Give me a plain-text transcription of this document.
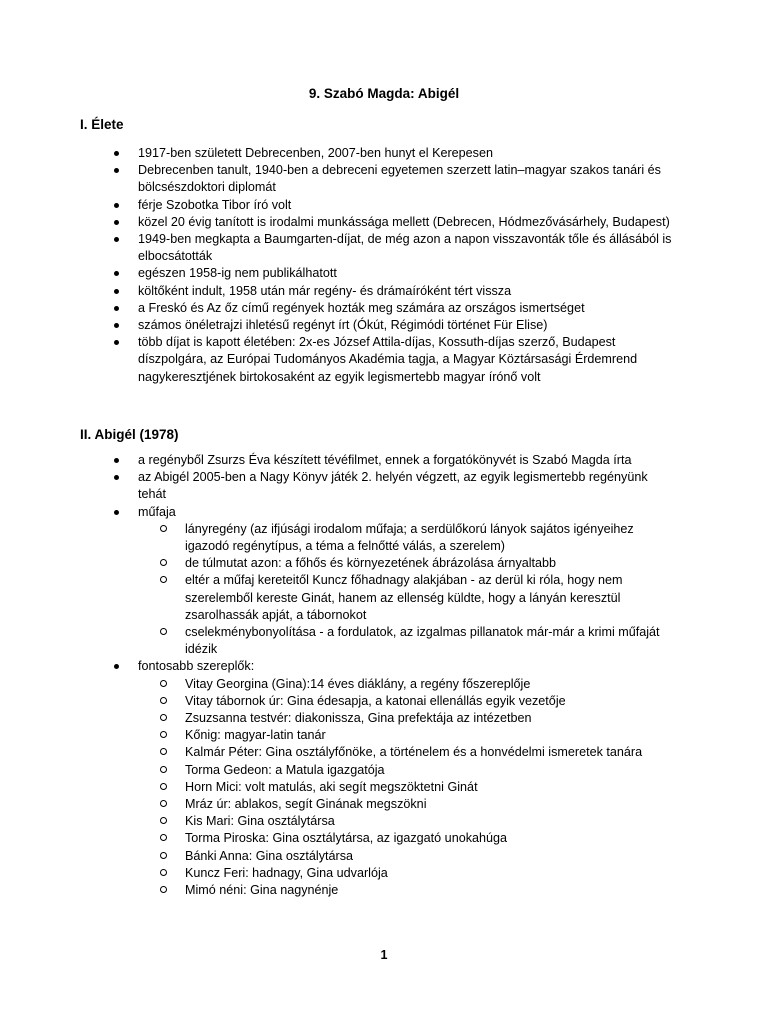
9. Szabó Magda: Abigél
I. Élete
1917-ben született Debrecenben, 2007-ben hunyt el Kerepesen
Debrecenben tanult, 1940-ben a debreceni egyetemen szerzett latin–magyar szakos tanári és bölcsészdoktori diplomát
férje Szobotka Tibor író volt
közel 20 évig tanított is irodalmi munkássága mellett (Debrecen, Hódmezővásárhely, Budapest)
1949-ben megkapta a Baumgarten-díjat, de még azon a napon visszavonták tőle és állásából is elbocsátották
egészen 1958-ig nem publikálhatott
költőként indult, 1958 után már regény- és drámaíróként tért vissza
a Freskó és Az őz című regények hozták meg számára az országos ismertséget
számos önéletrajzi ihletésű regényt írt (Ókút, Régimódi történet Für Elise)
több díjat is kapott életében: 2x-es József Attila-díjas, Kossuth-díjas szerző, Budapest díszpolgára, az Európai Tudományos Akadémia tagja, a Magyar Köztársasági Érdemrend nagykeresztjének birtokosaként az egyik legismertebb magyar írónő volt
II. Abigél (1978)
a regényből Zsurzs Éva készített tévéfilmet, ennek a forgatókönyvét is Szabó Magda írta
az Abigél 2005-ben a Nagy Könyv játék 2. helyén végzett, az egyik legismertebb regényünk tehát
műfaja
lányregény (az ifjúsági irodalom műfaja; a serdülőkorú lányok sajátos igényeihez igazodó regénytípus, a téma a felnőtté válás, a szerelem)
de túlmutat azon: a főhős és környezetének ábrázolása árnyaltabb
eltér a műfaj kereteitől Kuncz főhadnagy alakjában - az derül ki róla, hogy nem szerelemből kereste Ginát, hanem az ellenség küldte, hogy a lányán keresztül zsarolhassák apját, a tábornokot
cselekménybonyolítása - a fordulatok, az izgalmas pillanatok már-már a krimi műfaját idézik
fontosabb szereplők:
Vitay Georgina (Gina):14 éves diáklány, a regény főszereplője
Vitay tábornok úr: Gina édesapja, a katonai ellenállás egyik vezetője
Zsuzsanna testvér: diakonissza, Gina prefektája az intézetben
Kőnig: magyar-latin tanár
Kalmár Péter: Gina osztályfőnöke, a történelem és a honvédelmi ismeretek tanára
Torma Gedeon: a Matula igazgatója
Horn Mici: volt matulás, aki segít megszöktetni Ginát
Mráz úr: ablakos, segít Ginának megszökni
Kis Mari: Gina osztálytársa
Torma Piroska: Gina osztálytársa, az igazgató unokahúga
Bánki Anna: Gina osztálytársa
Kuncz Feri: hadnagy, Gina udvarlója
Mimó néni: Gina nagynénje
1
